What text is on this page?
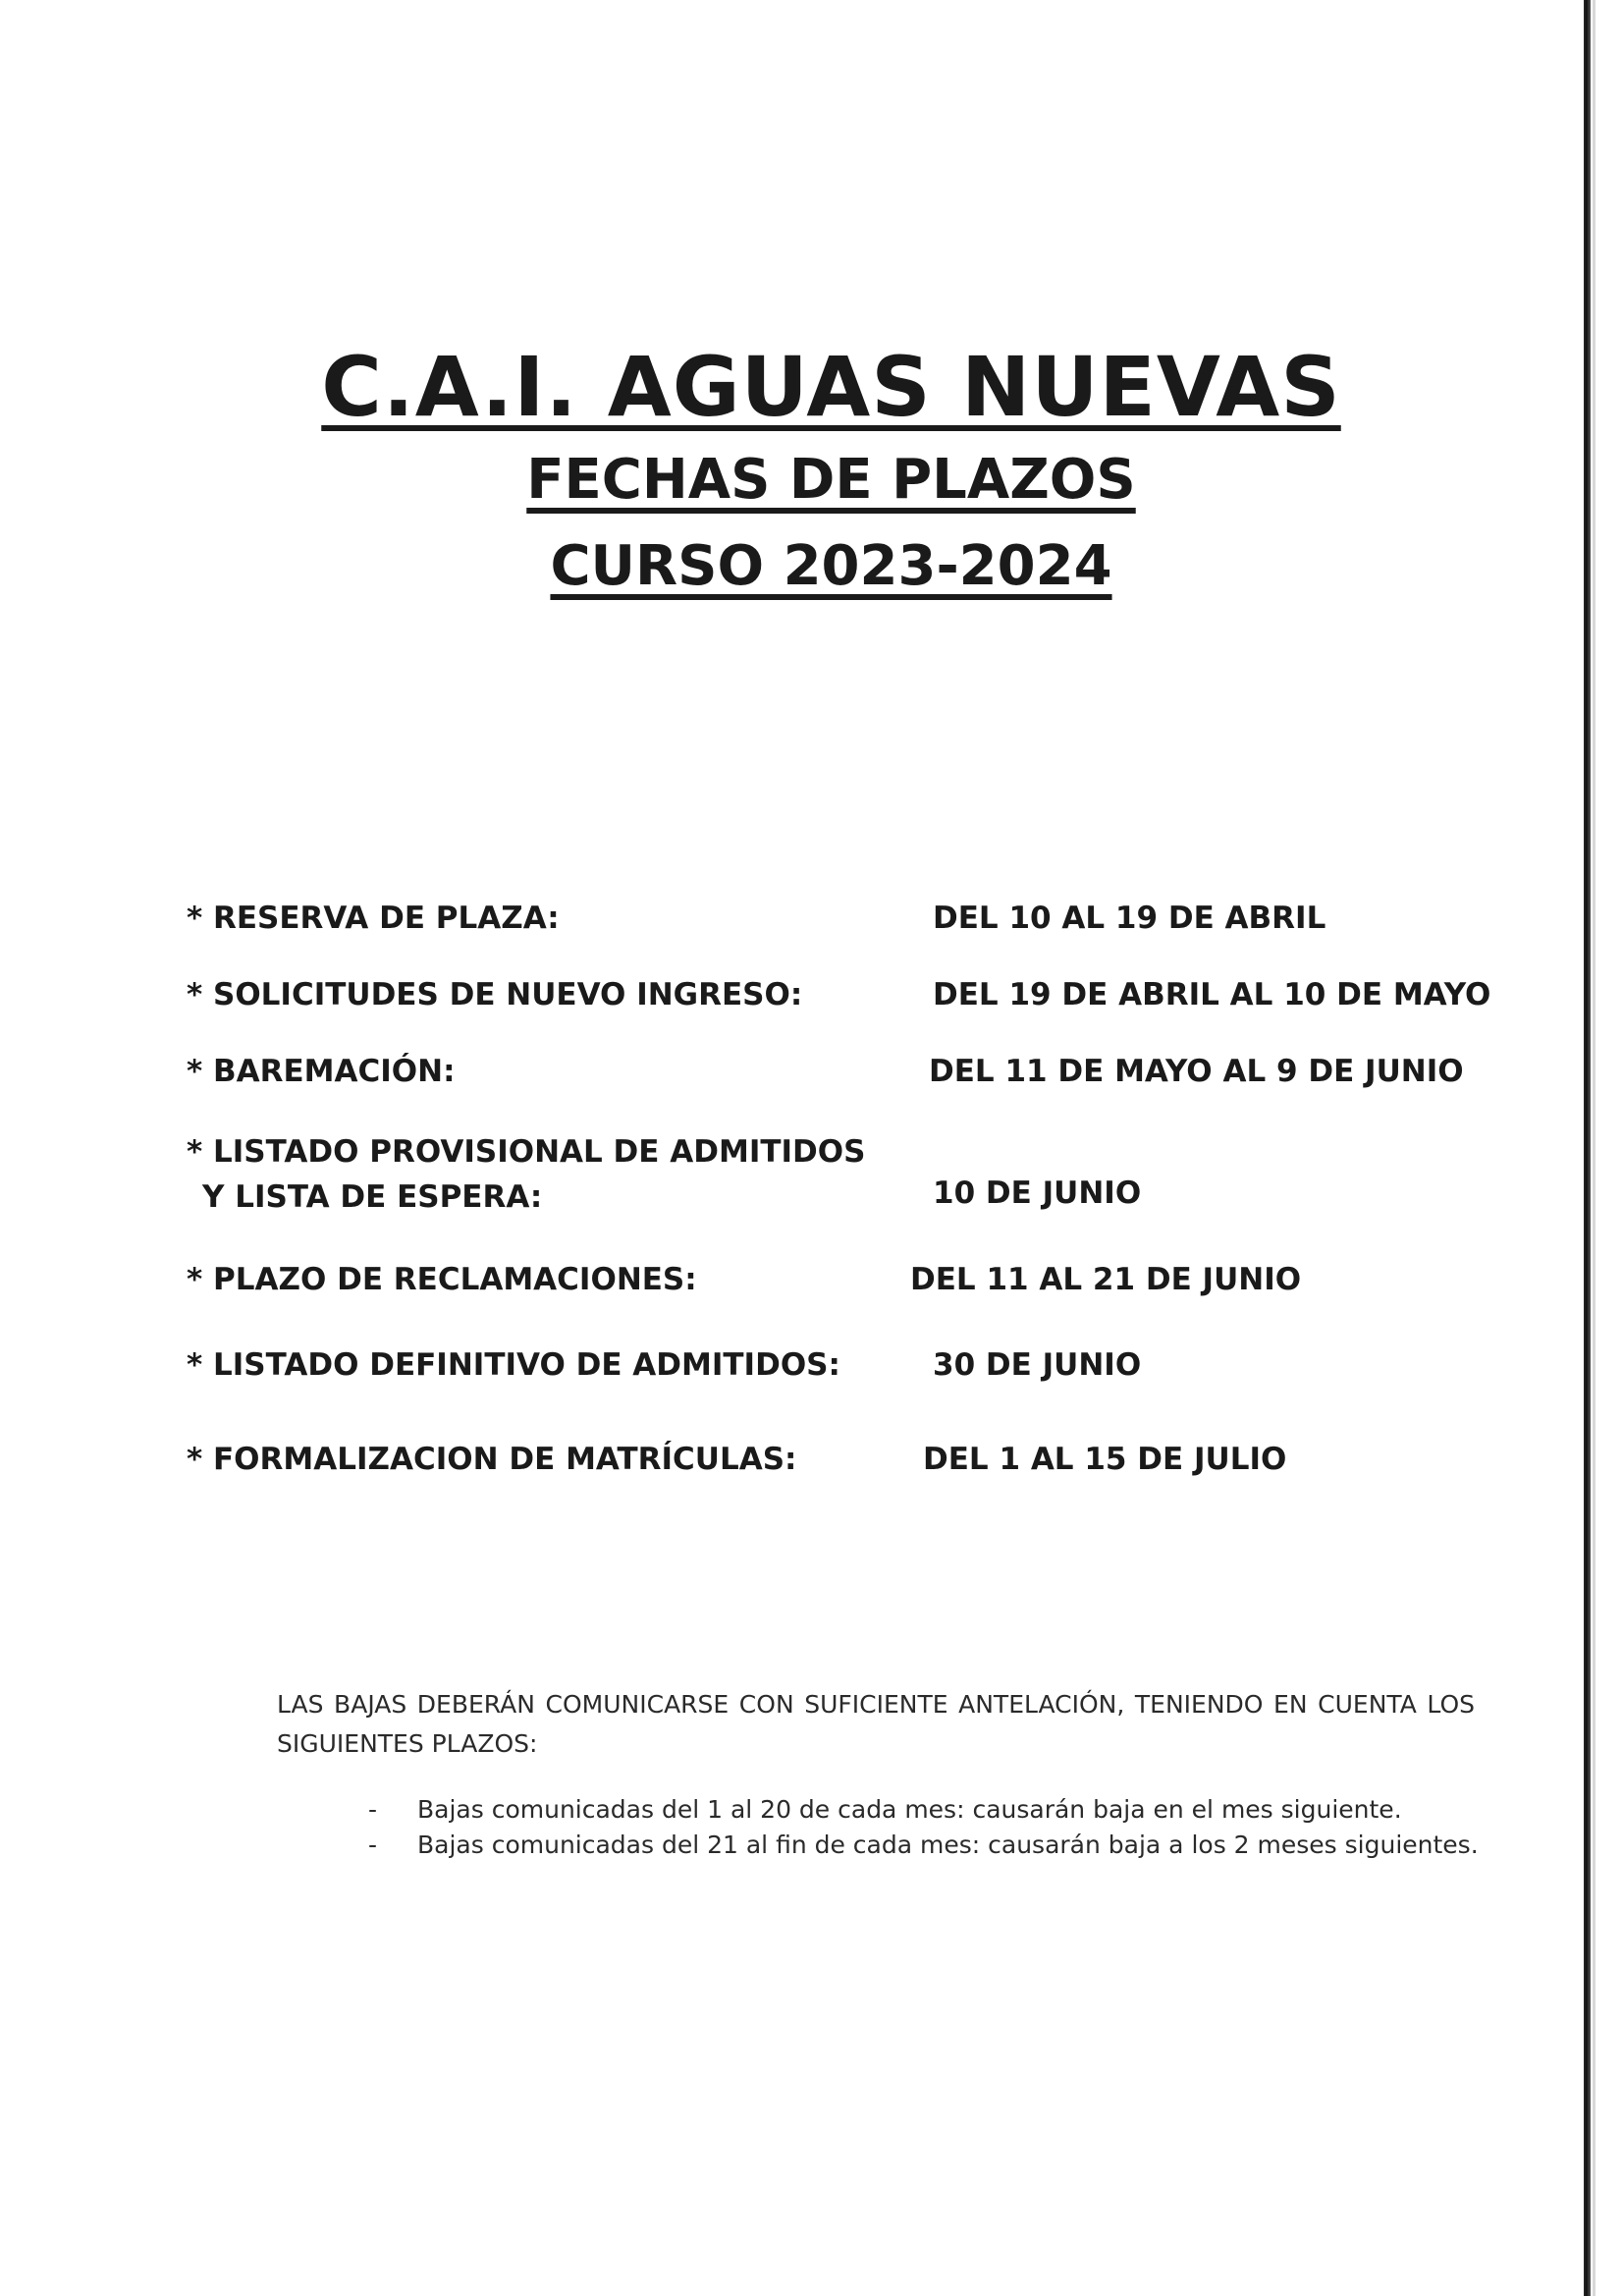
C.A.I. AGUAS NUEVAS
FECHAS DE PLAZOS
CURSO 2023-2024
* RESERVA DE PLAZA:	DEL 10 AL 19 DE ABRIL
* SOLICITUDES DE NUEVO INGRESO:	DEL 19 DE ABRIL AL 10 DE MAYO
* BAREMACIÓN:	DEL 11 DE MAYO AL 9 DE JUNIO
* LISTADO PROVISIONAL DE ADMITIDOS
Y LISTA DE ESPERA:	10 DE JUNIO
* PLAZO DE RECLAMACIONES:	DEL 11 AL 21 DE JUNIO
* LISTADO DEFINITIVO DE ADMITIDOS:	30 DE JUNIO
* FORMALIZACION DE MATRÍCULAS:	DEL 1 AL 15 DE JULIO

LAS BAJAS DEBERÁN COMUNICARSE CON SUFICIENTE ANTELACIÓN, TENIENDO EN CUENTA LOS SIGUIENTES PLAZOS:

- Bajas comunicadas del 1 al 20 de cada mes: causarán baja en el mes siguiente.
- Bajas comunicadas del 21 al fin de cada mes: causarán baja a los 2 meses siguientes.
